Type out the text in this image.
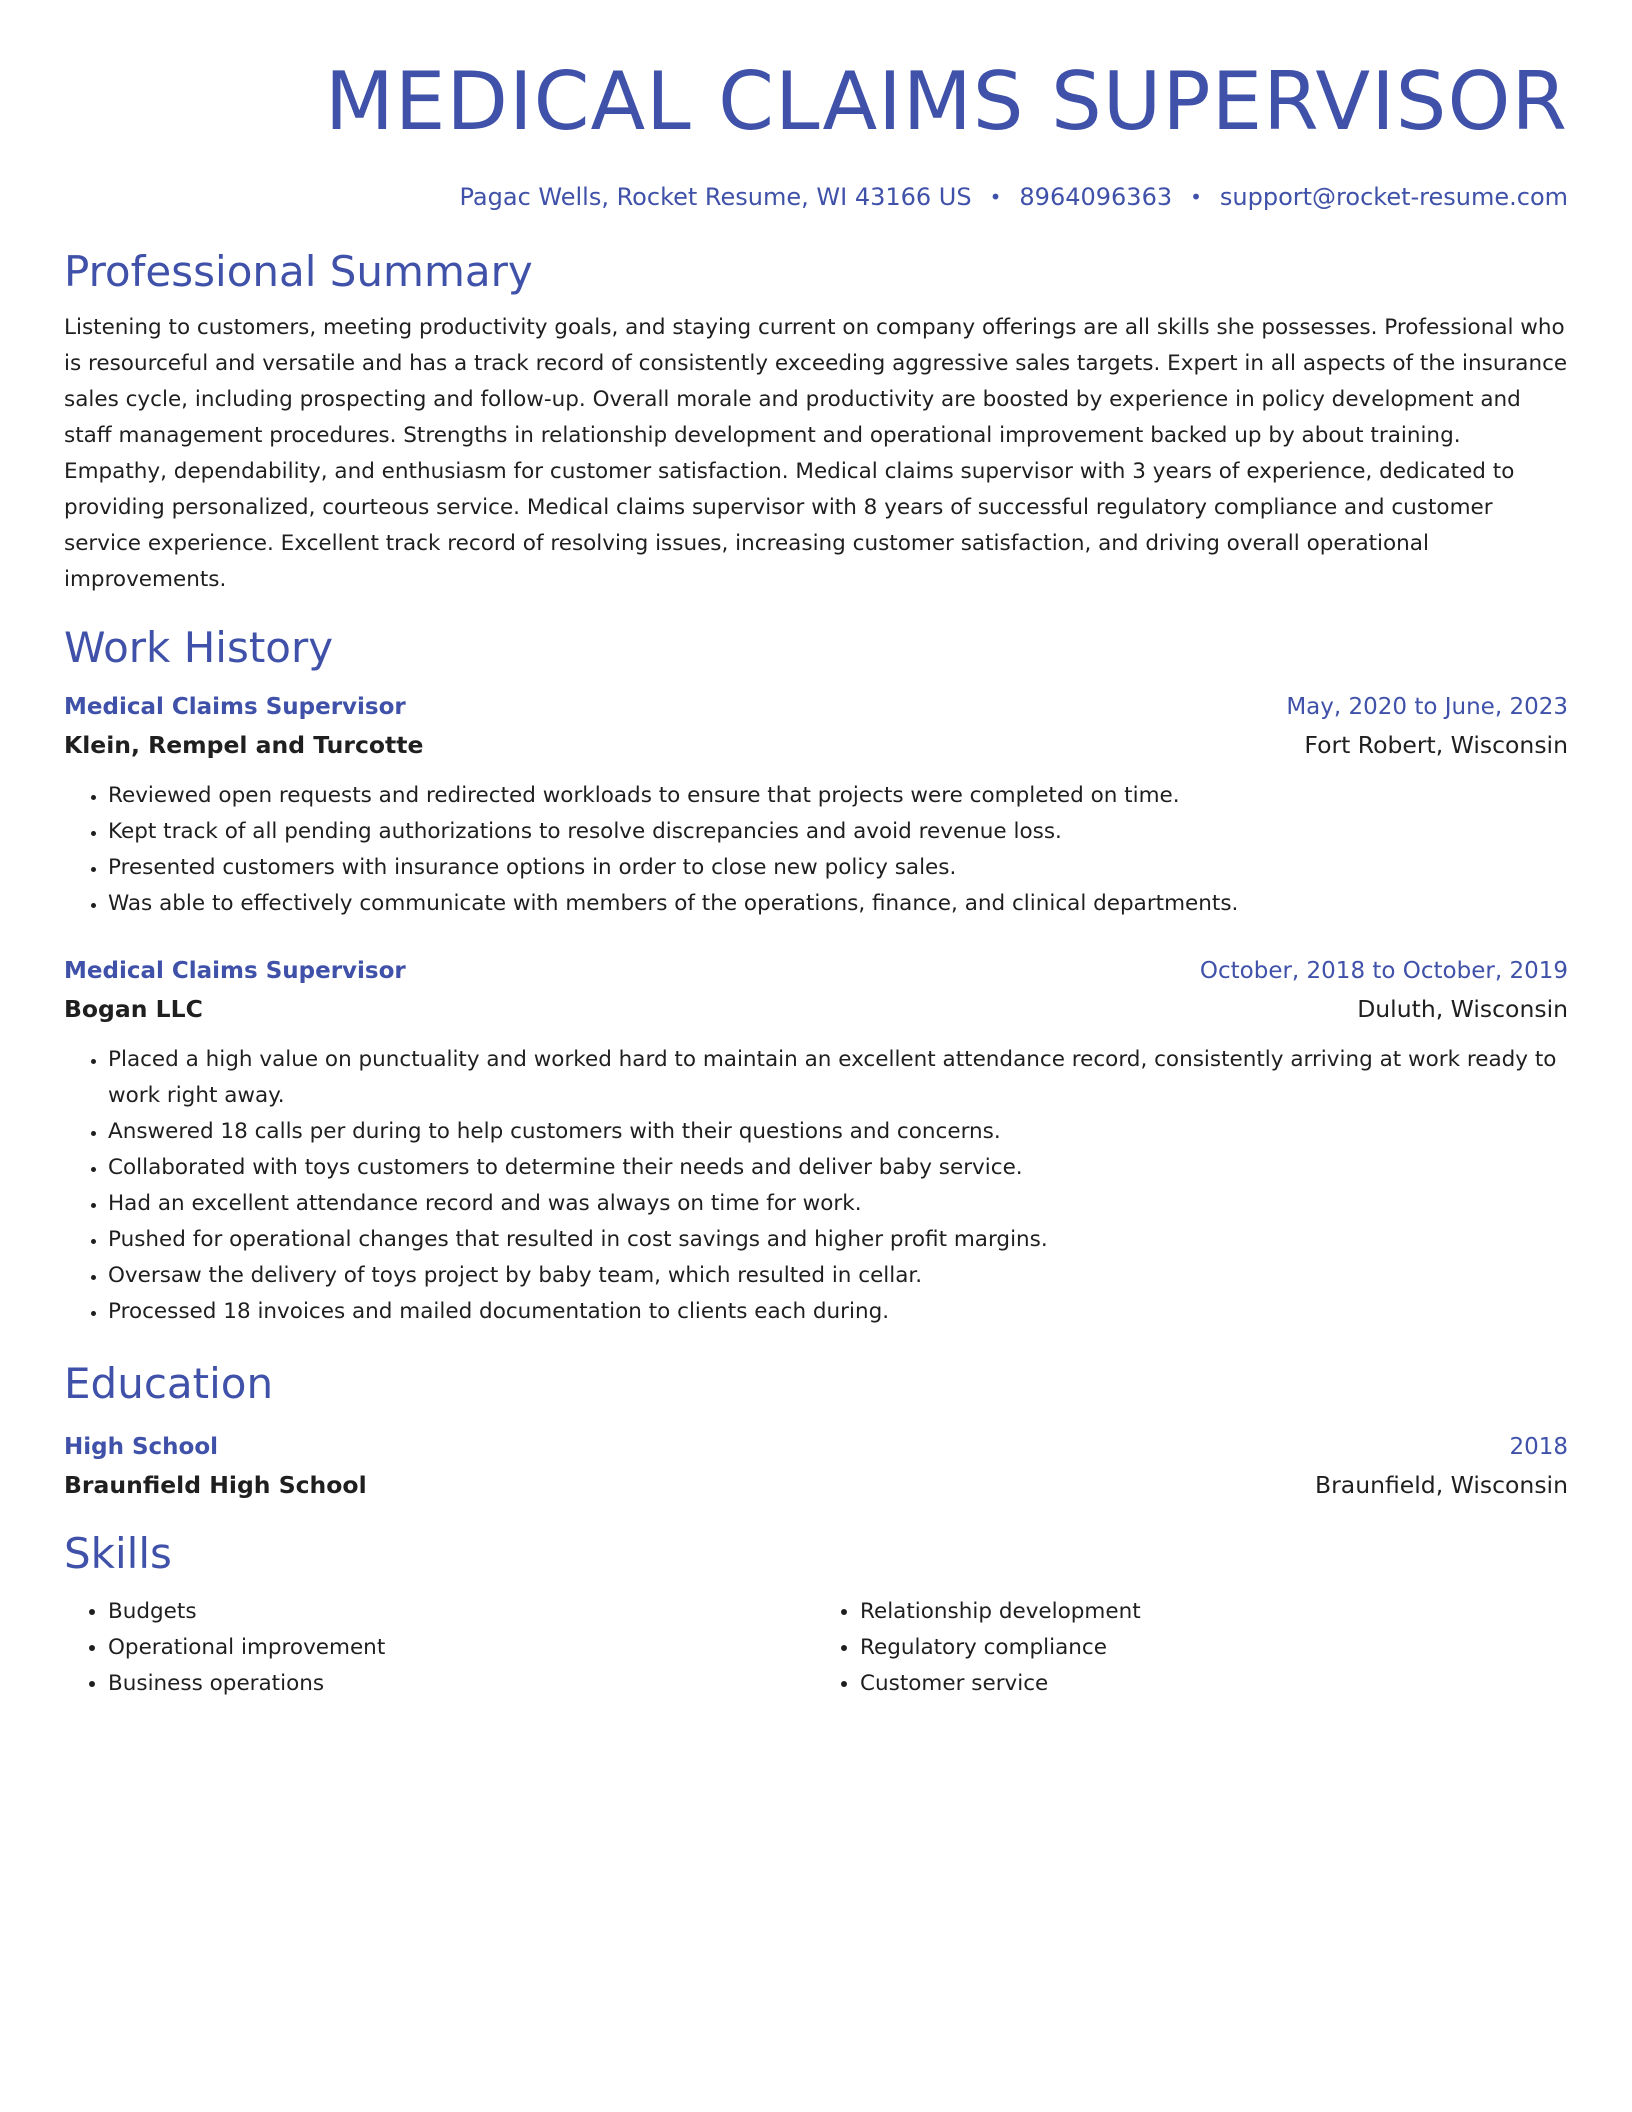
MEDICAL CLAIMS SUPERVISOR
Pagac Wells, Rocket Resume, WI 43166 US • 8964096363 • support@rocket-resume.com
Professional Summary

Listening to customers, meeting productivity goals, and staying current on company offerings are all skills she possesses. Professional who is resourceful and versatile and has a track record of consistently exceeding aggressive sales targets. Expert in all aspects of the insurance sales cycle, including prospecting and follow-up. Overall morale and productivity are boosted by experience in policy development and staff management procedures. Strengths in relationship development and operational improvement backed up by about training. Empathy, dependability, and enthusiasm for customer satisfaction. Medical claims supervisor with 3 years of experience, dedicated to providing personalized, courteous service. Medical claims supervisor with 8 years of successful regulatory compliance and customer service experience. Excellent track record of resolving issues, increasing customer satisfaction, and driving overall operational improvements.

Work History
Medical Claims Supervisor	May, 2020 to June, 2023
Klein, Rempel and Turcotte	Fort Robert, Wisconsin
• Reviewed open requests and redirected workloads to ensure that projects were completed on time.
• Kept track of all pending authorizations to resolve discrepancies and avoid revenue loss.
• Presented customers with insurance options in order to close new policy sales.
• Was able to effectively communicate with members of the operations, finance, and clinical departments.
Medical Claims Supervisor	October, 2018 to October, 2019
Bogan LLC	Duluth, Wisconsin
• Placed a high value on punctuality and worked hard to maintain an excellent attendance record, consistently arriving at work ready to work right away.
• Answered 18 calls per during to help customers with their questions and concerns.
• Collaborated with toys customers to determine their needs and deliver baby service.
• Had an excellent attendance record and was always on time for work.
• Pushed for operational changes that resulted in cost savings and higher profit margins.
• Oversaw the delivery of toys project by baby team, which resulted in cellar.
• Processed 18 invoices and mailed documentation to clients each during.
Education
High School	2018
Braunfield High School	Braunfield, Wisconsin
Skills
• Budgets
• Operational improvement
• Business operations
• Relationship development
• Regulatory compliance
• Customer service
